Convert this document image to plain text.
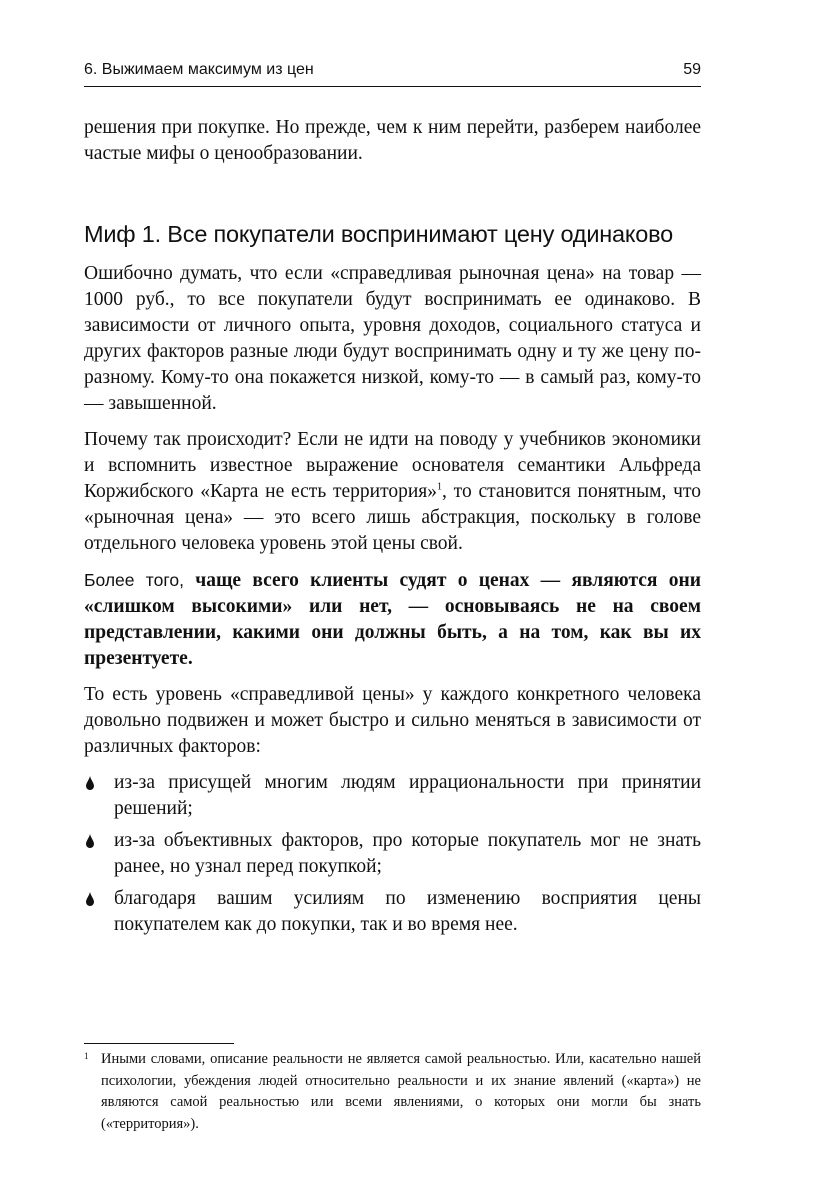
6. Выжимаем максимум из цен	59

решения при покупке. Но прежде, чем к ним перейти, разберем наиболее частые мифы о ценообразовании.

Миф 1. Все покупатели воспринимают цену одинаково

Ошибочно думать, что если «справедливая рыночная цена» на товар — 1000 руб., то все покупатели будут воспринимать ее одинаково. В зависимости от личного опыта, уровня доходов, социального статуса и других факторов разные люди будут воспринимать одну и ту же цену по-разному. Кому-то она покажется низкой, кому-то — в самый раз, кому-то — завышенной.

Почему так происходит? Если не идти на поводу у учебников экономики и вспомнить известное выражение основателя семантики Альфреда Коржибского «Карта не есть территория»$^1$, то становится понятным, что «рыночная цена» — это всего лишь абстракция, поскольку в голове отдельного человека уровень этой цены свой.

Более того, чаще всего клиенты судят о ценах — являются они «слишком высокими» или нет, — основываясь не на своем представлении, какими они должны быть, а на том, как вы их презентуете.

То есть уровень «справедливой цены» у каждого конкретного человека довольно подвижен и может быстро и сильно меняться в зависимости от различных факторов:

из-за присущей многим людям иррациональности при принятии решений;
из-за объективных факторов, про которые покупатель мог не знать ранее, но узнал перед покупкой;
благодаря вашим усилиям по изменению восприятия цены покупателем как до покупки, так и во время нее.
1 Иными словами, описание реальности не является самой реальностью. Или, касательно нашей психологии, убеждения людей относительно реальности и их знание явлений («карта») не являются самой реальностью или всеми явлениями, о которых они могли бы знать («территория»).
